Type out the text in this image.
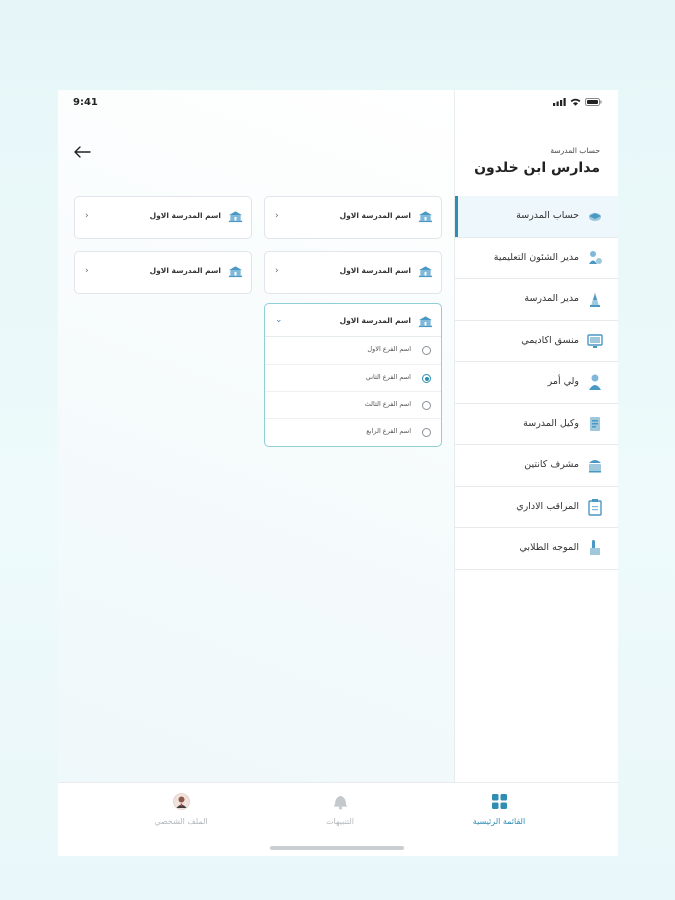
اسم المدرسة الاول
›
اسم المدرسة الاول
›
اسم المدرسة الاول
›
اسم المدرسة الاول
›
اسم المدرسة الاول
⌄
اسم الفرع الاول
اسم الفرع الثاني
اسم الفرع الثالث
اسم الفرع الرابع
حساب المدرسة
مدارس ابن خلدون
حساب المدرسة
مدير الشئون التعليمية
مدير المدرسة
منسق اكاديمي
ولي أمر
وكيل المدرسة
مشرف كانتين
المراقب الاداري
الموجه الطلابي
9:41
القائمة الرئيسية
التنبيهات
الملف الشخصي
